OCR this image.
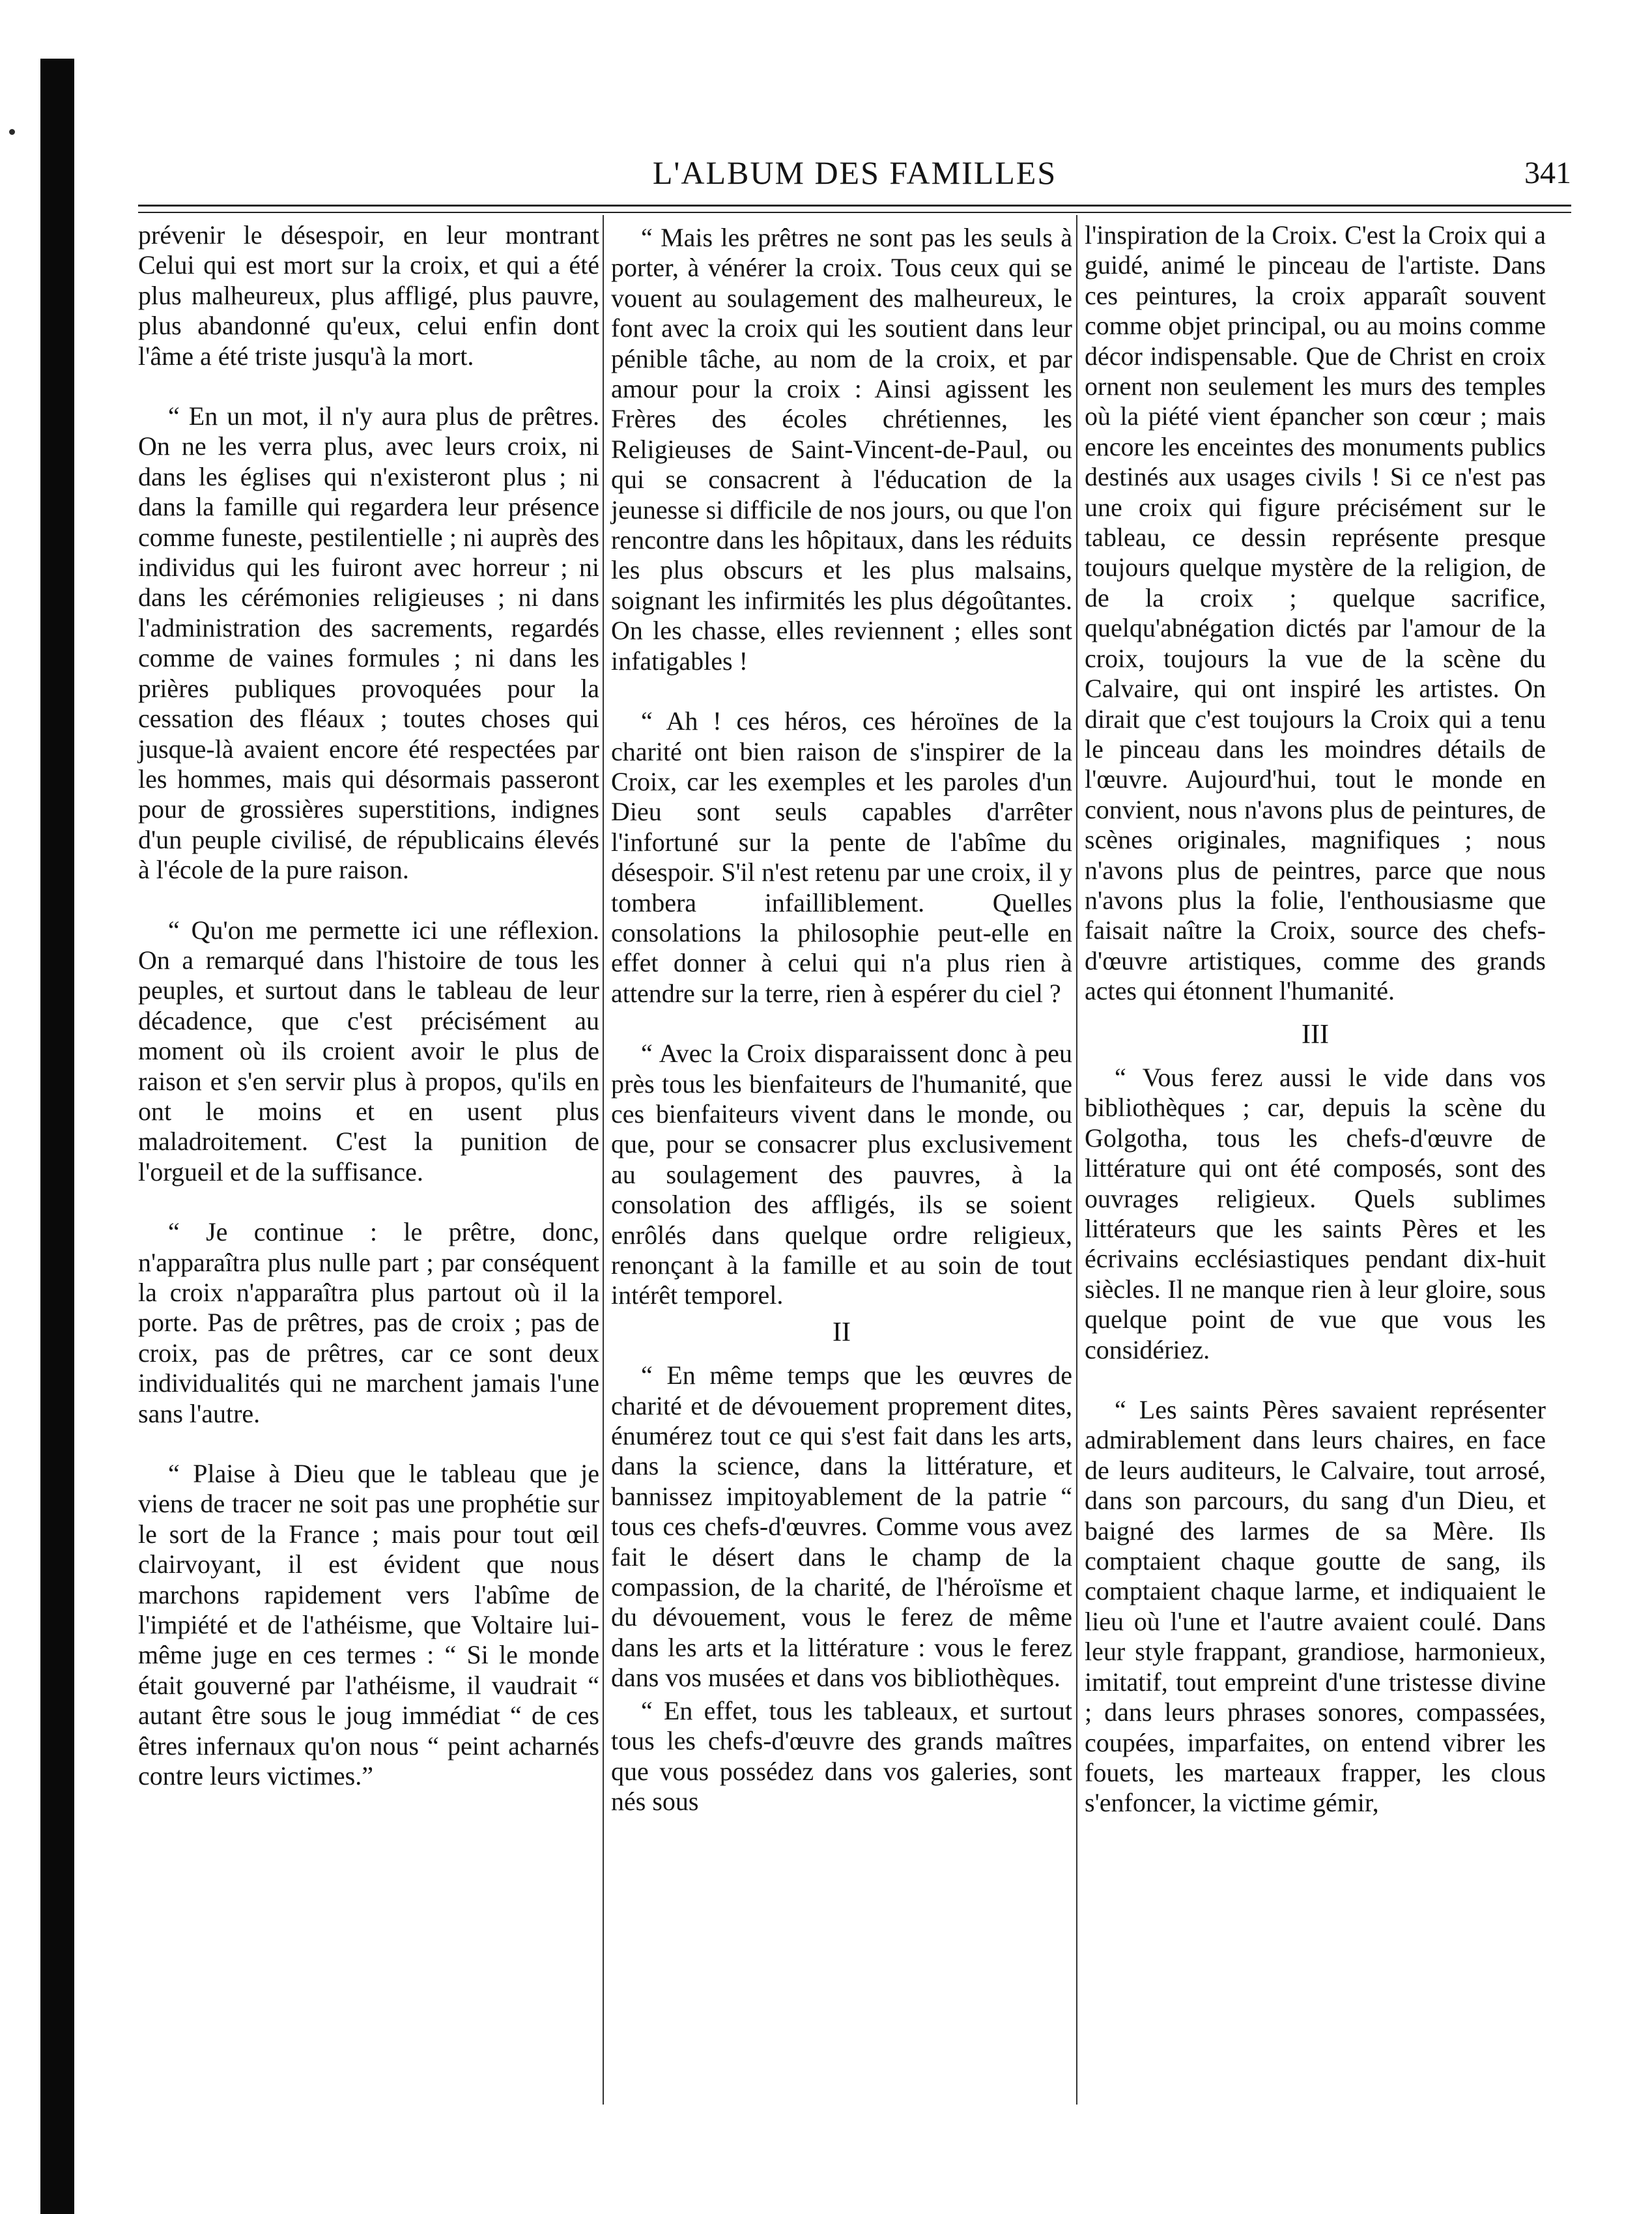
L'ALBUM DES FAMILLES	341

prévenir le désespoir, en leur montrant Celui qui est mort sur la croix, et qui a été plus malheureux, plus affligé, plus pauvre, plus abandonné qu'eux, celui enfin dont l'âme a été triste jusqu'à la mort.

“ En un mot, il n'y aura plus de prêtres. On ne les verra plus, avec leurs croix, ni dans les églises qui n'existeront plus ; ni dans la famille qui regardera leur présence comme funeste, pestilentielle ; ni auprès des individus qui les fuiront avec horreur ; ni dans les cérémonies religieuses ; ni dans l'administration des sacrements, regardés comme de vaines formules ; ni dans les prières publiques provoquées pour la cessation des fléaux ; toutes choses qui jusque-là avaient encore été respectées par les hommes, mais qui désormais passeront pour de grossières superstitions, indignes d'un peuple civilisé, de républicains élevés à l'école de la pure raison.

“ Qu'on me permette ici une réflexion. On a remarqué dans l'histoire de tous les peuples, et surtout dans le tableau de leur décadence, que c'est précisément au moment où ils croient avoir le plus de raison et s'en servir plus à propos, qu'ils en ont le moins et en usent plus maladroitement. C'est la punition de l'orgueil et de la suffisance.

“ Je continue : le prêtre, donc, n'apparaîtra plus nulle part ; par conséquent la croix n'apparaîtra plus partout où il la porte. Pas de prêtres, pas de croix ; pas de croix, pas de prêtres, car ce sont deux individualités qui ne marchent jamais l'une sans l'autre.

“ Plaise à Dieu que le tableau que je viens de tracer ne soit pas une prophétie sur le sort de la France ; mais pour tout œil clairvoyant, il est évident que nous marchons rapidement vers l'abîme de l'impiété et de l'athéisme, que Voltaire lui-même juge en ces termes : “ Si le monde était gouverné par l'athéisme, il vaudrait “ autant être sous le joug immédiat “ de ces êtres infernaux qu'on nous “ peint acharnés contre leurs victimes.”

“ Mais les prêtres ne sont pas les seuls à porter, à vénérer la croix. Tous ceux qui se vouent au soulagement des malheureux, le font avec la croix qui les soutient dans leur pénible tâche, au nom de la croix, et par amour pour la croix : Ainsi agissent les Frères des écoles chrétiennes, les Religieuses de Saint-Vincent-de-Paul, ou qui se consacrent à l'éducation de la jeunesse si difficile de nos jours, ou que l'on rencontre dans les hôpitaux, dans les réduits les plus obscurs et les plus malsains, soignant les infirmités les plus dégoûtantes. On les chasse, elles reviennent ; elles sont infatigables !

“ Ah ! ces héros, ces héroïnes de la charité ont bien raison de s'inspirer de la Croix, car les exemples et les paroles d'un Dieu sont seuls capables d'arrêter l'infortuné sur la pente de l'abîme du désespoir. S'il n'est retenu par une croix, il y tombera infailliblement. Quelles consolations la philosophie peut-elle en effet donner à celui qui n'a plus rien à attendre sur la terre, rien à espérer du ciel ?

“ Avec la Croix disparaissent donc à peu près tous les bienfaiteurs de l'humanité, que ces bienfaiteurs vivent dans le monde, ou que, pour se consacrer plus exclusivement au soulagement des pauvres, à la consolation des affligés, ils se soient enrôlés dans quelque ordre religieux, renonçant à la famille et au soin de tout intérêt temporel.

II

“ En même temps que les œuvres de charité et de dévouement proprement dites, énumérez tout ce qui s'est fait dans les arts, dans la science, dans la littérature, et bannissez impitoyablement de la patrie “ tous ces chefs-d'œuvres. Comme vous avez fait le désert dans le champ de la compassion, de la charité, de l'héroïsme et du dévouement, vous le ferez de même dans les arts et la littérature : vous le ferez dans vos musées et dans vos bibliothèques.

“ En effet, tous les tableaux, et surtout tous les chefs-d'œuvre des grands maîtres que vous possédez dans vos galeries, sont nés sous

l'inspiration de la Croix. C'est la Croix qui a guidé, animé le pinceau de l'artiste. Dans ces peintures, la croix apparaît souvent comme objet principal, ou au moins comme décor indispensable. Que de Christ en croix ornent non seulement les murs des temples où la piété vient épancher son cœur ; mais encore les enceintes des monuments publics destinés aux usages civils ! Si ce n'est pas une croix qui figure précisément sur le tableau, ce dessin représente presque toujours quelque mystère de la religion, de de la croix ; quelque sacrifice, quelqu'abnégation dictés par l'amour de la croix, toujours la vue de la scène du Calvaire, qui ont inspiré les artistes. On dirait que c'est toujours la Croix qui a tenu le pinceau dans les moindres détails de l'œuvre. Aujourd'hui, tout le monde en convient, nous n'avons plus de peintures, de scènes originales, magnifiques ; nous n'avons plus de peintres, parce que nous n'avons plus la folie, l'enthousiasme que faisait naître la Croix, source des chefs-d'œuvre artistiques, comme des grands actes qui étonnent l'humanité.

III

“ Vous ferez aussi le vide dans vos bibliothèques ; car, depuis la scène du Golgotha, tous les chefs-d'œuvre de littérature qui ont été composés, sont des ouvrages religieux. Quels sublimes littérateurs que les saints Pères et les écrivains ecclésiastiques pendant dix-huit siècles. Il ne manque rien à leur gloire, sous quelque point de vue que vous les considériez.

“ Les saints Pères savaient représenter admirablement dans leurs chaires, en face de leurs auditeurs, le Calvaire, tout arrosé, dans son parcours, du sang d'un Dieu, et baigné des larmes de sa Mère. Ils comptaient chaque goutte de sang, ils comptaient chaque larme, et indiquaient le lieu où l'une et l'autre avaient coulé. Dans leur style frappant, grandiose, harmonieux, imitatif, tout empreint d'une tristesse divine ; dans leurs phrases sonores, compassées, coupées, imparfaites, on entend vibrer les fouets, les marteaux frapper, les clous s'enfoncer, la victime gémir,
